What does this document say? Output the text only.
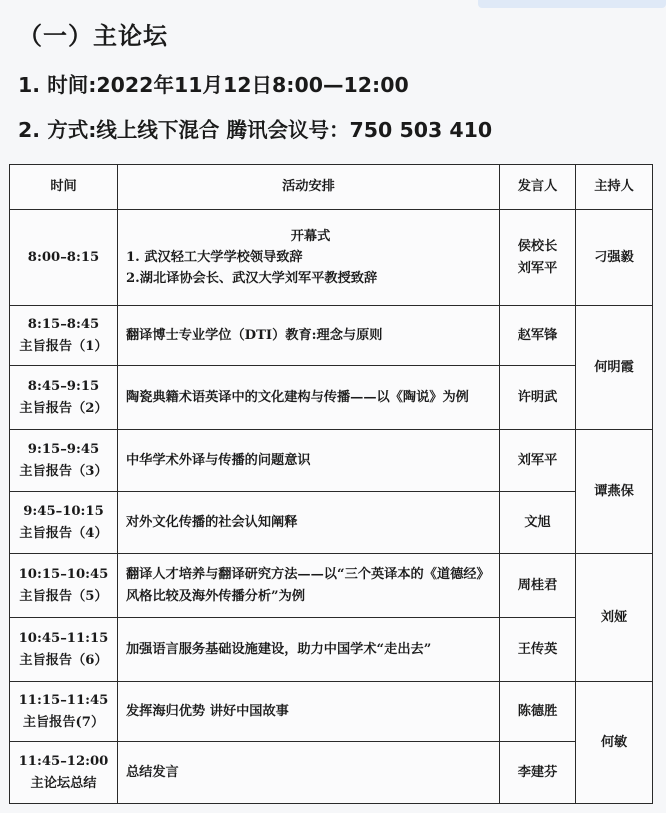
（一）主论坛
1. 时间:2022年11月12日8:00—12:00
2. 方式:线上线下混合 腾讯会议号：750 503 410
时间	活动安排	发言人	主持人
8:00–8:15	开幕式
1. 武汉轻工大学学校领导致辞
2.湖北译协会长、武汉大学刘军平教授致辞	侯校长
刘军平	刁强毅

8:15–8:45
主旨报告（1）	翻译博士专业学位（DTI）教育:理念与原则	赵军锋	何明霞

8:45–9:15
主旨报告（2）	陶瓷典籍术语英译中的文化建构与传播——以《陶说》为例	许明武	

9:15–9:45
主旨报告（3）	中华学术外译与传播的问题意识	刘军平	谭燕保

9:45–10:15
主旨报告（4）	对外文化传播的社会认知阐释	文旭	

10:15–10:45
主旨报告（5）	翻译人才培养与翻译研究方法——以“三个英译本的《道德经》风格比较及海外传播分析”为例	周桂君	刘娅

10:45–11:15
主旨报告（6）	加强语言服务基础设施建设，助力中国学术“走出去”	王传英	

11:15–11:45
主旨报告(7）	发挥海归优势 讲好中国故事	陈德胜	何敏

11:45–12:00
主论坛总结	总结发言	李建芬	
